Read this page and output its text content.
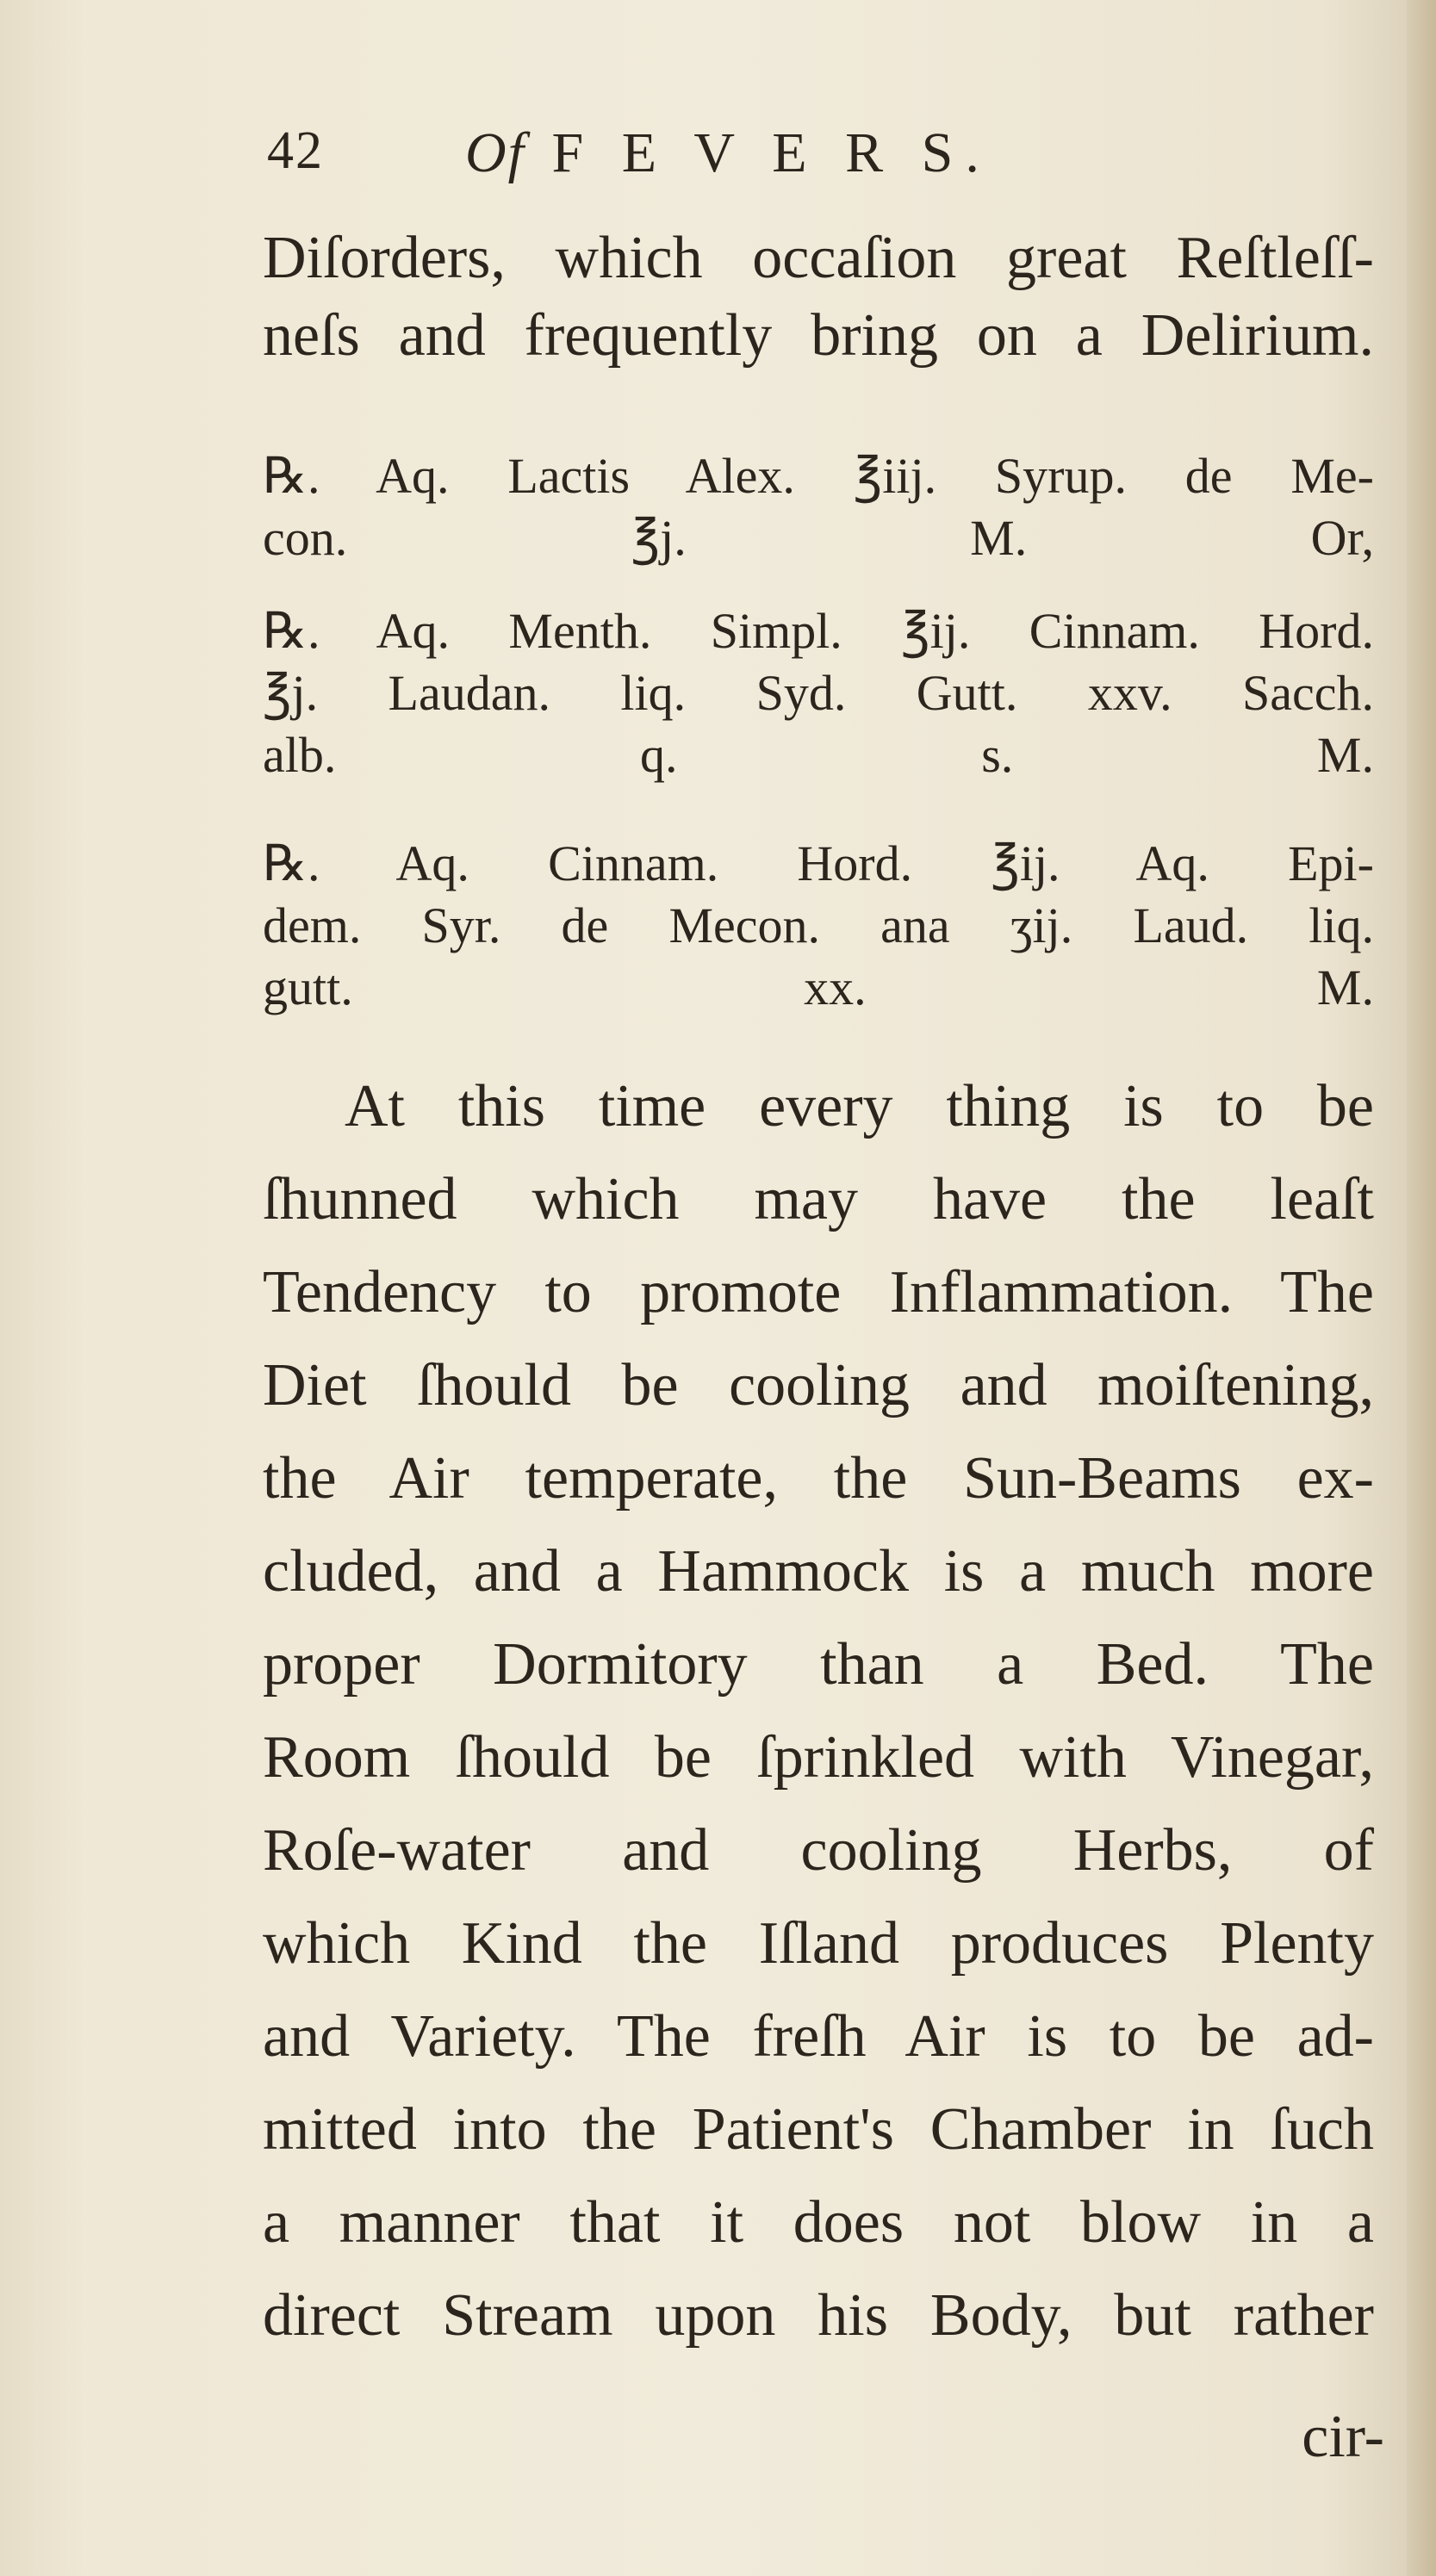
42 Of F E V E R S.
Diſorders, which occaſion great Reſtleſſ-
neſs and frequently bring on a Delirium.
℞. Aq. Lactis Alex. ℥iij. Syrup. de Me-
con. ℥j. M. Or,
℞. Aq. Menth. Simpl. ℥ij. Cinnam. Hord.
℥j. Laudan. liq. Syd. Gutt. xxv. Sacch.
alb. q. s. M.
℞. Aq. Cinnam. Hord. ℥ij. Aq. Epi-
dem. Syr. de Mecon. ana ʒij. Laud. liq.
gutt. xx. M.
At this time every thing is to be
ſhunned which may have the leaſt
Tendency to promote Inflammation. The
Diet ſhould be cooling and moiſtening,
the Air temperate, the Sun-Beams ex-
cluded, and a Hammock is a much more
proper Dormitory than a Bed. The
Room ſhould be ſprinkled with Vinegar,
Roſe-water and cooling Herbs, of
which Kind the Iſland produces Plenty
and Variety. The freſh Air is to be ad-
mitted into the Patient's Chamber in ſuch
a manner that it does not blow in a
direct Stream upon his Body, but rather
cir-
